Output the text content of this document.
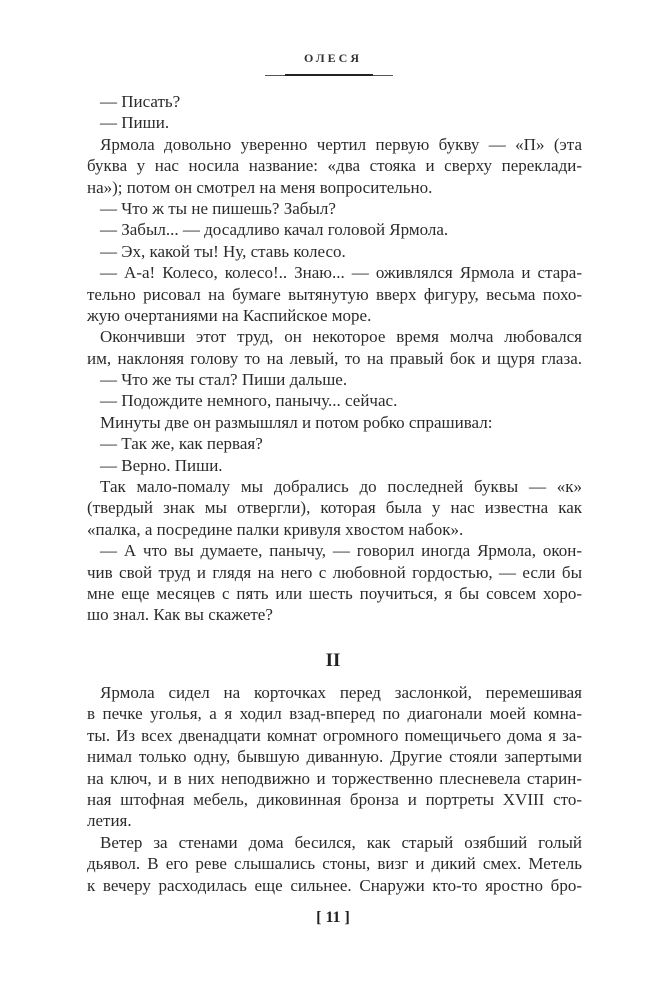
ОЛЕСЯ
— Писать?
— Пиши.
Ярмола довольно уверенно чертил первую букву — «П» (эта
буква у нас носила название: «два стояка и сверху переклади-
на»); потом он смотрел на меня вопросительно.
— Что ж ты не пишешь? Забыл?
— Забыл... — досадливо качал головой Ярмола.
— Эх, какой ты! Ну, ставь колесо.
— А-а! Колесо, колесо!.. Знаю... — оживлялся Ярмола и стара-
тельно рисовал на бумаге вытянутую вверх фигуру, весьма похо-
жую очертаниями на Каспийское море.
Окончивши этот труд, он некоторое время молча любовался
им, наклоняя голову то на левый, то на правый бок и щуря глаза.
— Что же ты стал? Пиши дальше.
— Подождите немного, панычу... сейчас.
Минуты две он размышлял и потом робко спрашивал:
— Так же, как первая?
— Верно. Пиши.
Так мало-помалу мы добрались до последней буквы — «к»
(твердый знак мы отвергли), которая была у нас известна как
«палка, а посредине палки кривуля хвостом набок».
— А что вы думаете, панычу, — говорил иногда Ярмола, окон-
чив свой труд и глядя на него с любовной гордостью, — если бы
мне еще месяцев с пять или шесть поучиться, я бы совсем хоро-
шо знал. Как вы скажете?
II
Ярмола сидел на корточках перед заслонкой, перемешивая
в печке уголья, а я ходил взад-вперед по диагонали моей комна-
ты. Из всех двенадцати комнат огромного помещичьего дома я за-
нимал только одну, бывшую диванную. Другие стояли запертыми
на ключ, и в них неподвижно и торжественно плесневела старин-
ная штофная мебель, диковинная бронза и портреты XVIII сто-
летия.
Ветер за стенами дома бесился, как старый озябший голый
дьявол. В его реве слышались стоны, визг и дикий смех. Метель
к вечеру расходилась еще сильнее. Снаружи кто-то яростно бро-
[ 11 ]
